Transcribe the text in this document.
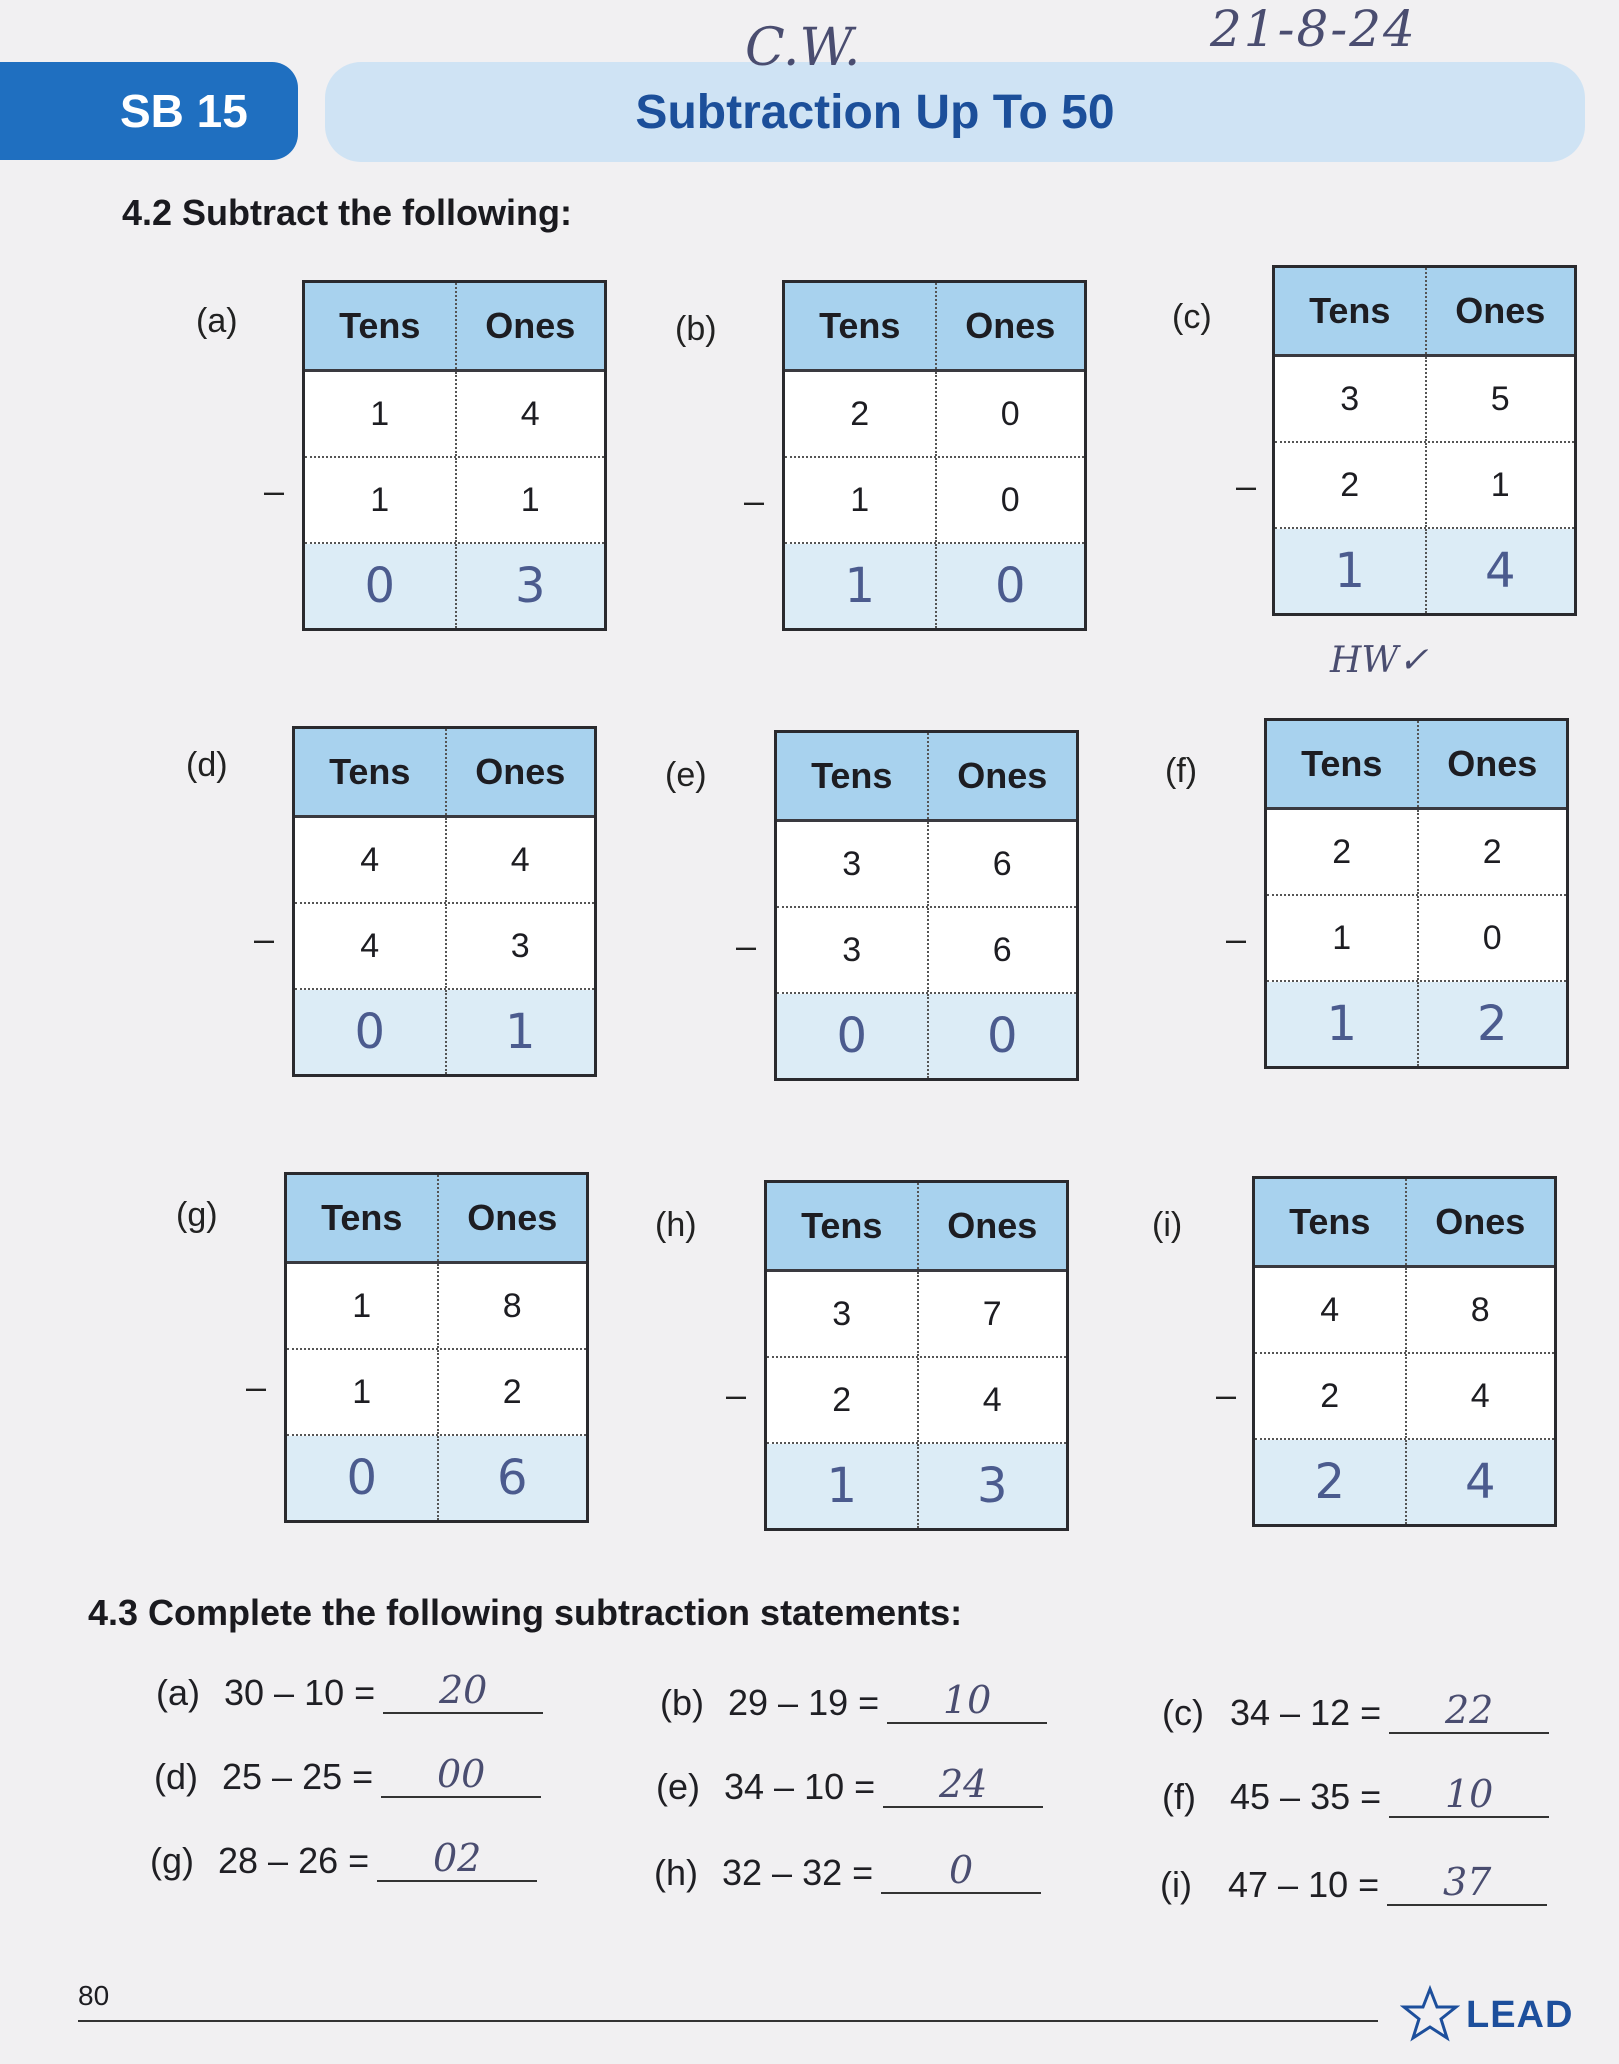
SB 15	Subtraction Up To 50
C.W.	21-8-24
4.2 Subtract the following:
HW✓
(a)
–
Tens	Ones
1	4
1	1
0	3
(b)
–
Tens	Ones
2	0
1	0
1	0
(c)
–
Tens	Ones
3	5
2	1
1	4
(d)
–
Tens	Ones
4	4
4	3
0	1
(e)
–
Tens	Ones
3	6
3	6
0	0
(f)
–
Tens	Ones
2	2
1	0
1	2
(g)
–
Tens	Ones
1	8
1	2
0	6
(h)
–
Tens	Ones
3	7
2	4
1	3
(i)
–
Tens	Ones
4	8
2	4
2	4
4.3 Complete the following subtraction statements:
(a) 30 – 10 = 20	(b) 29 – 19 = 10	(c) 34 – 12 = 22
(d) 25 – 25 = 00	(e) 34 – 10 = 24	(f) 45 – 35 = 10
(g) 28 – 26 = 02	(h) 32 – 32 = 0	(i) 47 – 10 = 37
80	LEAD
